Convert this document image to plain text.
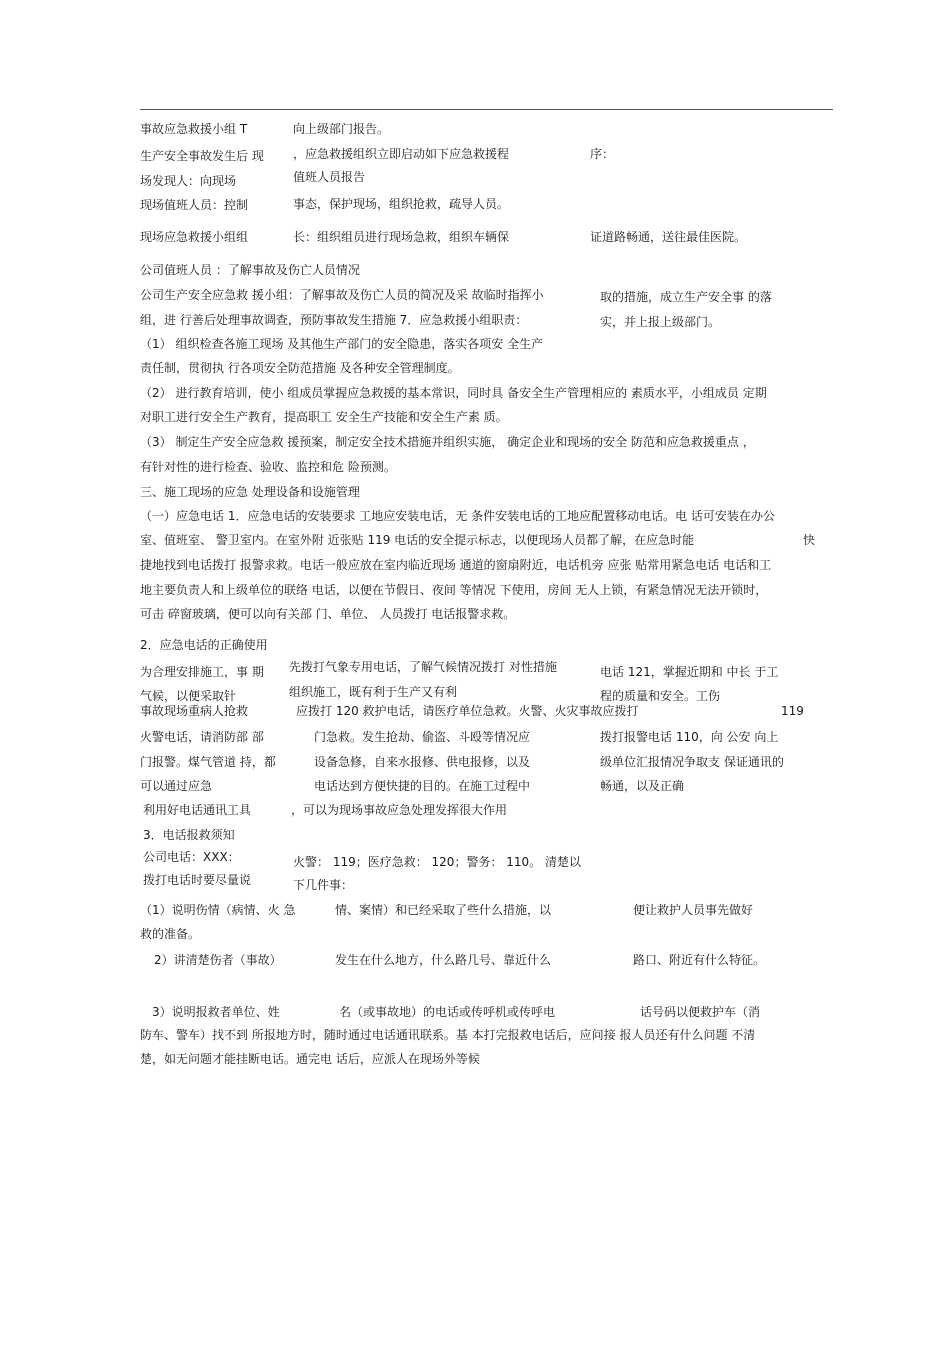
事故应急救援小组 T	向上级部门报告。
生产安全事故发生后 现 ，应急救援组织立即启动如下应急救援程	序：
场发现人：向现场	值班人员报告
现场值班人员：控制	事态，保护现场，组织抢救，疏导人员。
现场应急救援小组组	长：组织组员进行现场急救，组织车辆保	证道路畅通，送往最佳医院。
公司值班人员 ：了解事故及伤亡人员情况
公司生产安全应急救 援小组：了解事故及伤亡人员的简况及采 故临时指挥小	取的措施，成立生产安全事 的落
组，进 行善后处理事故调查，预防事故发生措施 7．应急救援小组职责：	实，并上报上级部门。
（1） 组织检查各施工现场 及其他生产部门的安全隐患，落实各项安 全生产
责任制，贯彻执 行各项安全防范措施 及各种安全管理制度。
（2） 进行教育培训，使小 组成员掌握应急救援的基本常识，同时具 备安全生产管理相应的 素质水平，小组成员 定期
对职工进行安全生产教育，提高职工 安全生产技能和安全生产素 质。
（3） 制定生产安全应急救 援预案，制定安全技术措施并组织实施， 确定企业和现场的安全 防范和应急救援重点 ，
有针对性的进行检查、验收、监控和危 险预测。
三、施工现场的应急 处理设备和设施管理
（一）应急电话 1．应急电话的安装要求 工地应安装电话，无 条件安装电话的工地应配置移动电话。电 话可安装在办公
室、值班室、 警卫室内。在室外附 近张贴 119 电话的安全提示标志，以便现场人员都了解，在应急时能	快
捷地找到电话拨打 报警求救。电话一般应放在室内临近现场 通道的窗扇附近，电话机旁 应张 贴常用紧急电话 电话和工
地主要负责人和上级单位的联络 电话，以便在节假日、夜间 等情况 下使用，房间 无人上锁，有紧急情况无法开锁时，
可击 碎窗玻璃，便可以向有关部 门、单位、 人员拨打 电话报警求救。
2．应急电话的正确使用
为合理安排施工，事 期 先拨打气象专用电话，了解气候情况拨打 对性措施	电话 121，掌握近期和 中长 于工
气候，以便采取针	组织施工，既有利于生产又有利	程的质量和安全。工伤
事故现场重病人抢救	应拨打 120 救护电话，请医疗单位急救。火警、火灾事故应拨打	119
火警电话，请消防部 部	门急救。发生抢劫、偷盗、斗殴等情况应	拨打报警电话 110，向 公安 向上
门报警。煤气管道 持，都	设备急修，自来水报修、供电报修，以及	级单位汇报情况争取支 保证通讯的
可以通过应急	电话达到方便快捷的目的。在施工过程中	畅通，以及正确
利用好电话通讯工具	，可以为现场事故应急处理发挥很大作用
3．电话报救须知
公司电话：XXX：	火警： 119；医疗急救： 120；警务： 110。 清楚以
拨打电话时要尽量说	下几件事：
（1）说明伤情（病情、火 急	情、案情）和已经采取了些什么措施，以	便让救护人员事先做好
救的准备。
2）讲清楚伤者（事故）	发生在什么地方，什么路几号、靠近什么	路口、附近有什么特征。
3）说明报救者单位、姓	名（或事故地）的电话或传呼机或传呼电	话号码以便救护车（消
防车、警车）找不到 所报地方时，随时通过电话通讯联系。基 本打完报救电话后，应问接 报人员还有什么问题 不清
楚，如无问题才能挂断电话。通完电 话后，应派人在现场外等候
